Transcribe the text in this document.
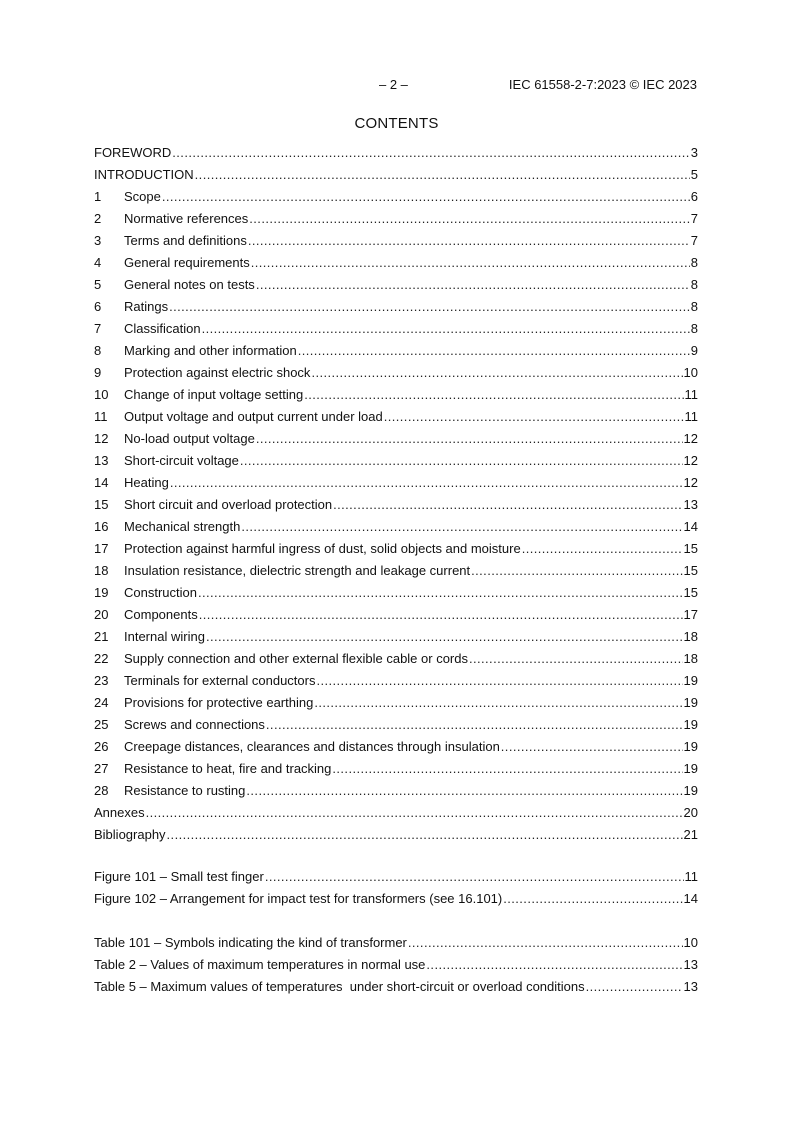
– 2 –	IEC 61558-2-7:2023 © IEC 2023
CONTENTS
FOREWORD .....	3
INTRODUCTION .....	5
1	Scope .....	6
2	Normative references .....	7
3	Terms and definitions .....	7
4	General requirements .....	8
5	General notes on tests .....	8
6	Ratings .....	8
7	Classification .....	8
8	Marking and other information .....	9
9	Protection against electric shock .....	10
10	Change of input voltage setting .....	11
11	Output voltage and output current under load .....	11
12	No-load output voltage .....	12
13	Short-circuit voltage .....	12
14	Heating .....	12
15	Short circuit and overload protection .....	13
16	Mechanical strength .....	14
17	Protection against harmful ingress of dust, solid objects and moisture .....	15
18	Insulation resistance, dielectric strength and leakage current .....	15
19	Construction .....	15
20	Components .....	17
21	Internal wiring .....	18
22	Supply connection and other external flexible cable or cords .....	18
23	Terminals for external conductors .....	19
24	Provisions for protective earthing .....	19
25	Screws and connections .....	19
26	Creepage distances, clearances and distances through insulation .....	19
27	Resistance to heat, fire and tracking .....	19
28	Resistance to rusting .....	19
Annexes .....	20
Bibliography .....	21
Figure 101 – Small test finger .....	11
Figure 102 – Arrangement for impact test for transformers (see 16.101) .....	14
Table 101 – Symbols indicating the kind of transformer .....	10
Table 2 – Values of maximum temperatures in normal use .....	13
Table 5 – Maximum values of temperatures  under short-circuit or overload conditions .....	13
